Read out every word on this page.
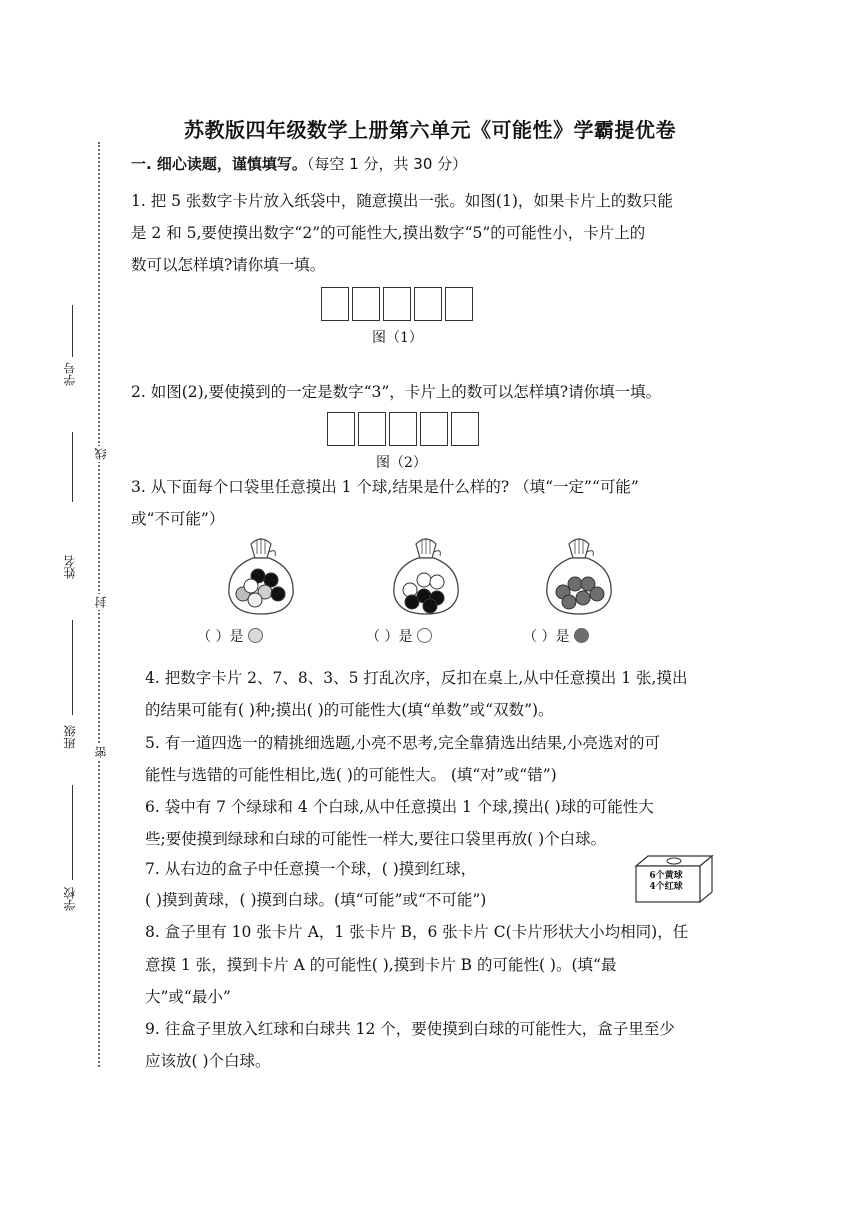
苏教版四年级数学上册第六单元《可能性》学霸提优卷
一. 细心读题，谨慎填写。（每空 1 分，共 30 分）
学号
姓名
班级
学校
线
封
密
1. 把 5 张数字卡片放入纸袋中，随意摸出一张。如图(1)，如果卡片上的数只能
是 2 和 5,要使摸出数字“2”的可能性大,摸出数字“5”的可能性小，卡片上的
数可以怎样填?请你填一填。
图（1）
2. 如图(2),要使摸到的一定是数字“3”，卡片上的数可以怎样填?请你填一填。
图（2）
3. 从下面每个口袋里任意摸出 1 个球,结果是什么样的? （填“一定”“可能”
或“不可能”）
（ ）是	（ ）是	（ ）是
4. 把数字卡片 2、7、8、3、5 打乱次序，反扣在桌上,从中任意摸出 1 张,摸出
的结果可能有( )种;摸出( )的可能性大(填“单数”或“双数”)。
5. 有一道四选一的精挑细选题,小亮不思考,完全靠猜选出结果,小亮选对的可
能性与选错的可能性相比,选( )的可能性大。 (填“对”或“错”)
6. 袋中有 7 个绿球和 4 个白球,从中任意摸出 1 个球,摸出( )球的可能性大
些;要使摸到绿球和白球的可能性一样大,要往口袋里再放( )个白球。
7. 从右边的盒子中任意摸一个球，( )摸到红球，
( )摸到黄球，( )摸到白球。(填“可能”或“不可能”)
6个黄球
4个红球
8. 盒子里有 10 张卡片 A，1 张卡片 B，6 张卡片 C(卡片形状大小均相同)，任
意摸 1 张，摸到卡片 A 的可能性( ),摸到卡片 B 的可能性( )。(填“最
大”或“最小”
9. 往盒子里放入红球和白球共 12 个，要使摸到白球的可能性大，盒子里至少
应该放( )个白球。
